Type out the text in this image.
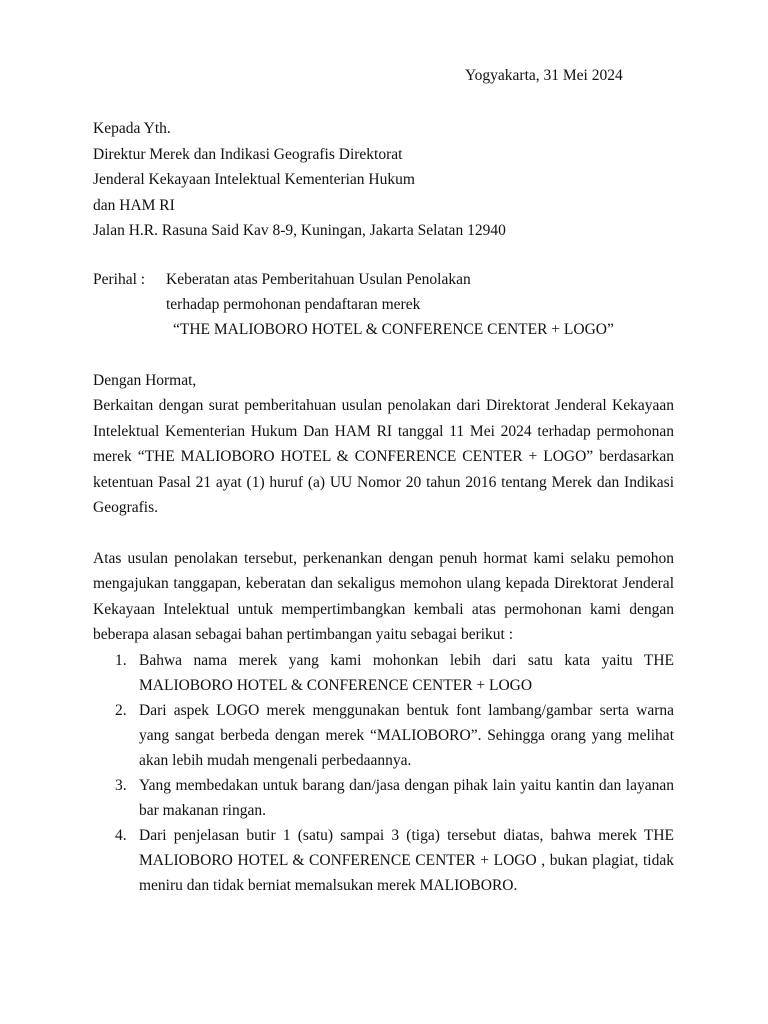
Yogyakarta, 31 Mei 2024
Kepada Yth.
Direktur Merek dan Indikasi Geografis Direktorat
Jenderal Kekayaan Intelektual Kementerian Hukum
dan HAM RI
Jalan H.R. Rasuna Said Kav 8-9, Kuningan, Jakarta Selatan 12940
Perihal : Keberatan atas Pemberitahuan Usulan Penolakan
terhadap permohonan pendaftaran merek
“THE MALIOBORO HOTEL & CONFERENCE CENTER + LOGO”
Dengan Hormat,

Berkaitan dengan surat pemberitahuan usulan penolakan dari Direktorat Jenderal Kekayaan Intelektual Kementerian Hukum Dan HAM RI tanggal 11 Mei 2024 terhadap permohonan merek “THE MALIOBORO HOTEL & CONFERENCE CENTER + LOGO” berdasarkan ketentuan Pasal 21 ayat (1) huruf (a) UU Nomor 20 tahun 2016 tentang Merek dan Indikasi Geografis.

Atas usulan penolakan tersebut, perkenankan dengan penuh hormat kami selaku pemohon mengajukan tanggapan, keberatan dan sekaligus memohon ulang kepada Direktorat Jenderal Kekayaan Intelektual untuk mempertimbangkan kembali atas permohonan kami dengan beberapa alasan sebagai bahan pertimbangan yaitu sebagai berikut :

1. Bahwa nama merek yang kami mohonkan lebih dari satu kata yaitu THE MALIOBORO HOTEL & CONFERENCE CENTER + LOGO
2. Dari aspek LOGO merek menggunakan bentuk font lambang/gambar serta warna yang sangat berbeda dengan merek “MALIOBORO”. Sehingga orang yang melihat akan lebih mudah mengenali perbedaannya.
3. Yang membedakan untuk barang dan/jasa dengan pihak lain yaitu kantin dan layanan bar makanan ringan.
4. Dari penjelasan butir 1 (satu) sampai 3 (tiga) tersebut diatas, bahwa merek THE MALIOBORO HOTEL & CONFERENCE CENTER + LOGO , bukan plagiat, tidak meniru dan tidak berniat memalsukan merek MALIOBORO.
